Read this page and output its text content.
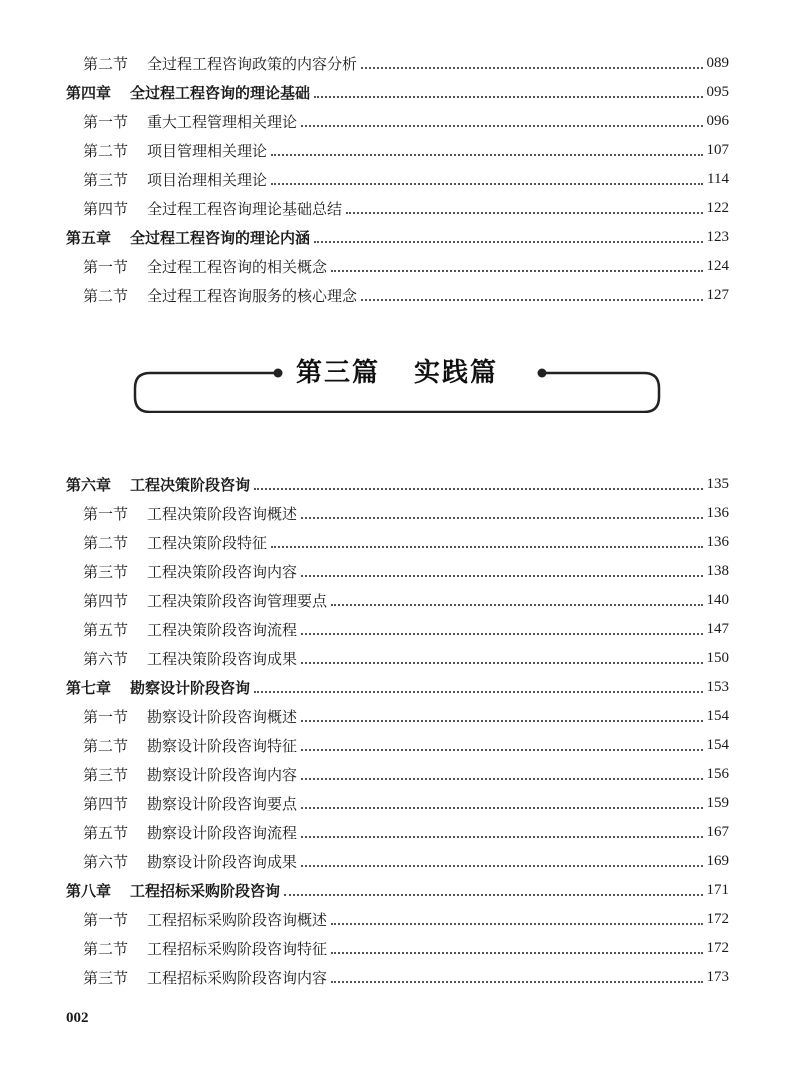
第二节	全过程工程咨询政策的内容分析	089
第四章	全过程工程咨询的理论基础	095
第一节	重大工程管理相关理论	096
第二节	项目管理相关理论	107
第三节	项目治理相关理论	114
第四节	全过程工程咨询理论基础总结	122
第五章	全过程工程咨询的理论内涵	123
第一节	全过程工程咨询的相关概念	124
第二节	全过程工程咨询服务的核心理念	127
第三篇 实践篇
第六章	工程决策阶段咨询	135
第一节	工程决策阶段咨询概述	136
第二节	工程决策阶段特征	136
第三节	工程决策阶段咨询内容	138
第四节	工程决策阶段咨询管理要点	140
第五节	工程决策阶段咨询流程	147
第六节	工程决策阶段咨询成果	150
第七章	勘察设计阶段咨询	153
第一节	勘察设计阶段咨询概述	154
第二节	勘察设计阶段咨询特征	154
第三节	勘察设计阶段咨询内容	156
第四节	勘察设计阶段咨询要点	159
第五节	勘察设计阶段咨询流程	167
第六节	勘察设计阶段咨询成果	169
第八章	工程招标采购阶段咨询	171
第一节	工程招标采购阶段咨询概述	172
第二节	工程招标采购阶段咨询特征	172
第三节	工程招标采购阶段咨询内容	173
002
